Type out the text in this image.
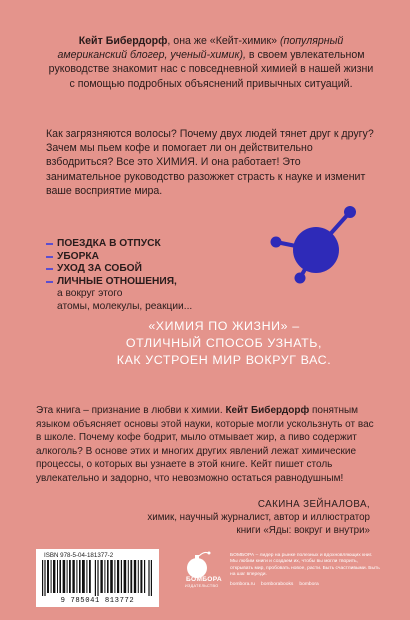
Кейт Бибердорф, она же «Кейт-химик» (популярный американский блогер, ученый-химик), в своем увлекательном руководстве знакомит нас с повседневной химией в нашей жизни с помощью подробных объяснений привычных ситуаций.
Как загрязняются волосы? Почему двух людей тянет друг к другу? Зачем мы пьем кофе и помогает ли он действительно взбодриться? Все это ХИМИЯ. И она работает! Это занимательное руководство разожжет страсть к науке и изменит ваше восприятие мира.
ПОЕЗДКА В ОТПУСК
УБОРКА
УХОД ЗА СОБОЙ
ЛИЧНЫЕ ОТНОШЕНИЯ,
а вокруг этого
атомы, молекулы, реакции...
«ХИМИЯ ПО ЖИЗНИ» –
ОТЛИЧНЫЙ СПОСОБ УЗНАТЬ,
КАК УСТРОЕН МИР ВОКРУГ ВАС.
Эта книга – признание в любви к химии. Кейт Бибердорф понятным языком объясняет основы этой науки, которые могли ускользнуть от вас в школе. Почему кофе бодрит, мыло отмывает жир, а пиво содержит алкоголь? В основе этих и многих других явлений лежат химические процессы, о которых вы узнаете в этой книге. Кейт пишет столь увлекательно и задорно, что невозможно остаться равнодушным!
САКИНА ЗЕЙНАЛОВА,
химик, научный журналист, автор и иллюстратор
книги «Яды: вокруг и внутри»
ISBN 978-5-04-181377-2
9 785041 813772
БОМБОРА
ИЗДАТЕЛЬСТВО
БОМБОРА – лидер на рынке полезных и вдохновляющих книг. Мы любим книги и создаем их, чтобы вы могли творить, открывать мир, пробовать новое, расти. Быть счастливыми. Быть на шаг впереди.
bombora.ru bomborabooks bombora
